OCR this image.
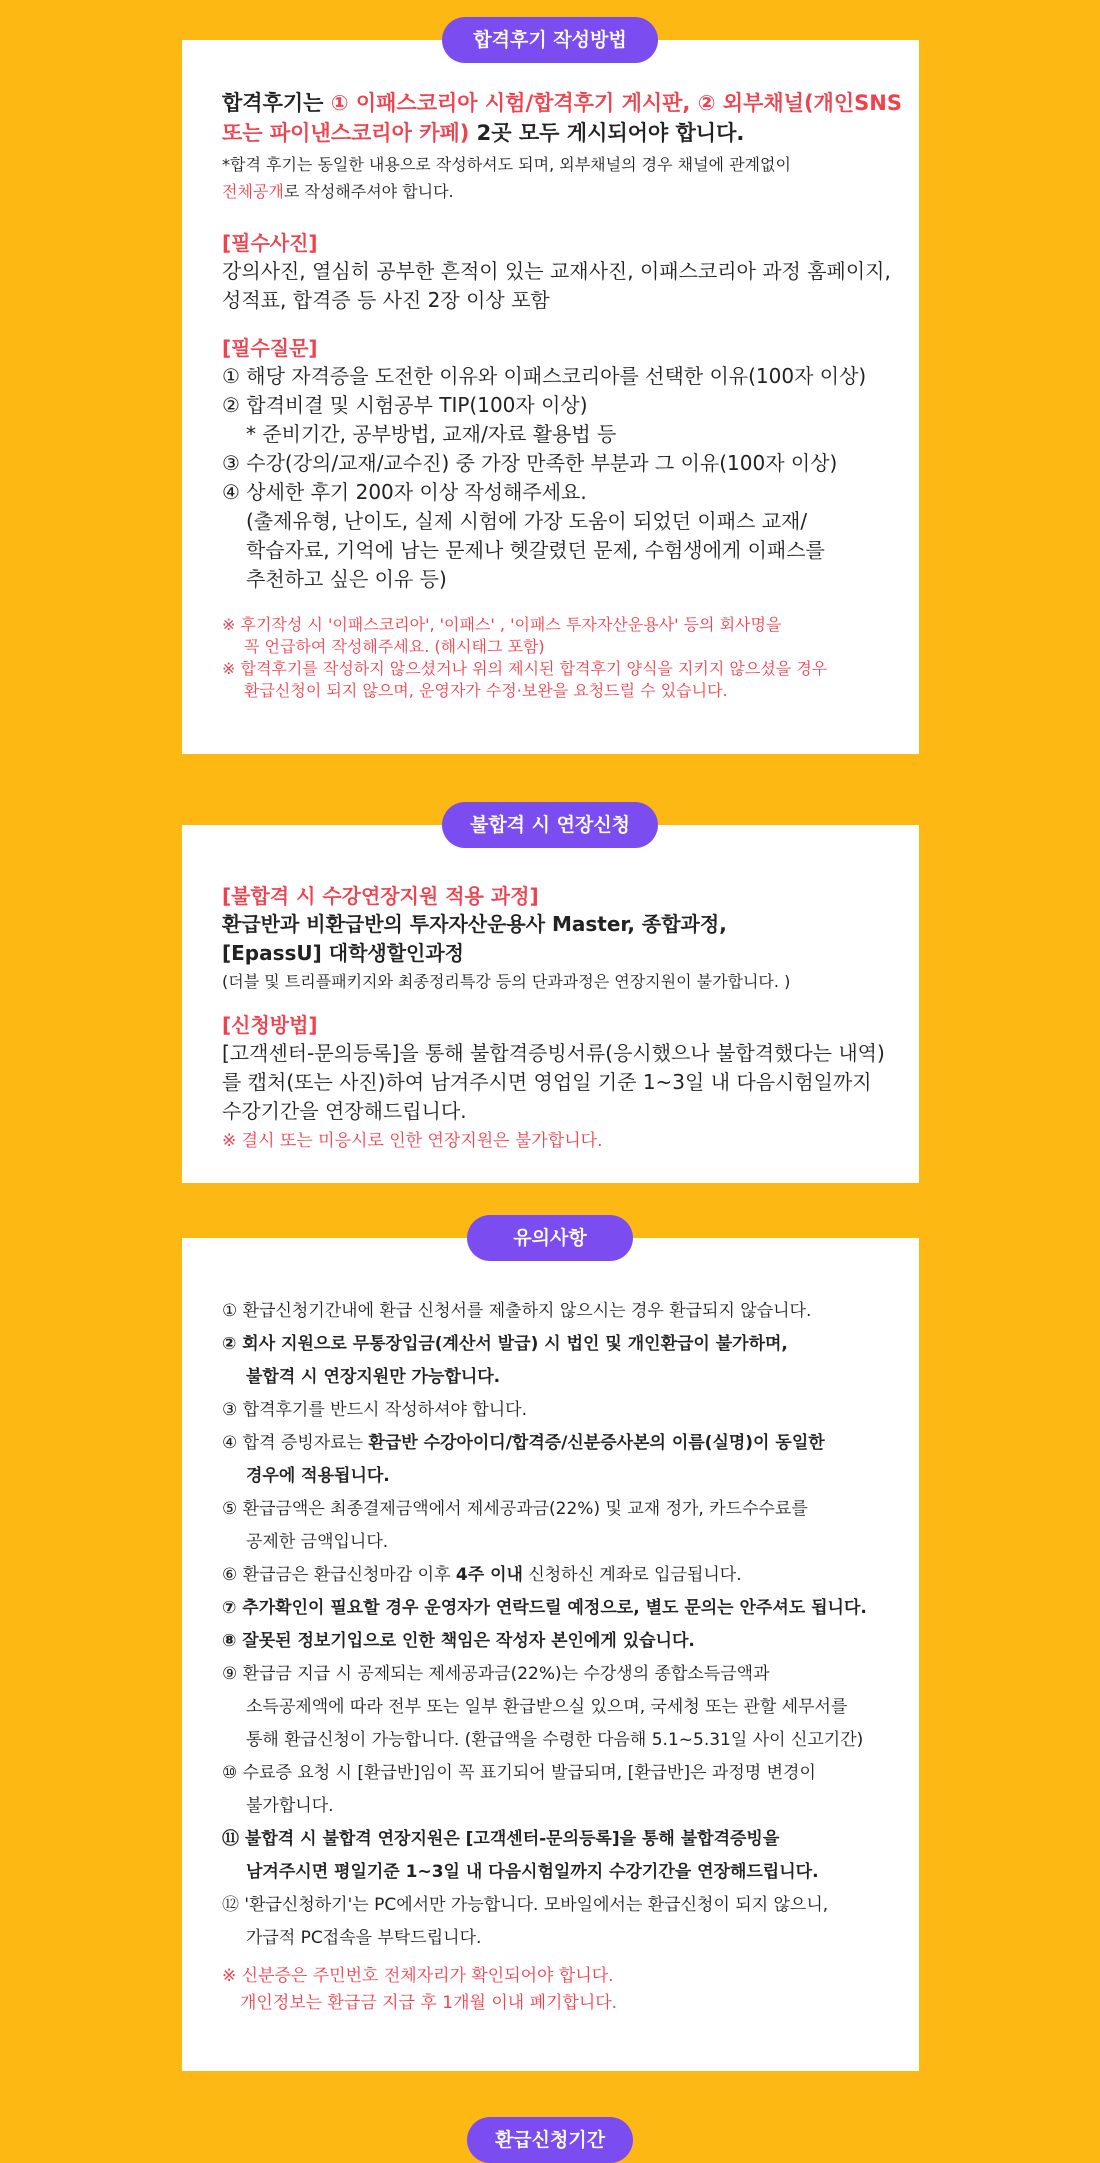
합격후기 작성방법

합격후기는 ① 이패스코리아 시험/합격후기 게시판, ② 외부채널(개인SNS

또는 파이낸스코리아 카페) 2곳 모두 게시되어야 합니다.

*합격 후기는 동일한 내용으로 작성하셔도 되며, 외부채널의 경우 채널에 관계없이

전체공개로 작성해주셔야 합니다.

[필수사진]

강의사진, 열심히 공부한 흔적이 있는 교재사진, 이패스코리아 과정 홈페이지,

성적표, 합격증 등 사진 2장 이상 포함

[필수질문]

① 해당 자격증을 도전한 이유와 이패스코리아를 선택한 이유(100자 이상)

② 합격비결 및 시험공부 TIP(100자 이상)

* 준비기간, 공부방법, 교재/자료 활용법 등

③ 수강(강의/교재/교수진) 중 가장 만족한 부분과 그 이유(100자 이상)

④ 상세한 후기 200자 이상 작성해주세요.

(출제유형, 난이도, 실제 시험에 가장 도움이 되었던 이패스 교재/

학습자료, 기억에 남는 문제나 헷갈렸던 문제, 수험생에게 이패스를

추천하고 싶은 이유 등)

※ 후기작성 시 '이패스코리아', '이패스' , '이패스 투자자산운용사' 등의 회사명을

꼭 언급하여 작성해주세요. (해시태그 포함)

※ 합격후기를 작성하지 않으셨거나 위의 제시된 합격후기 양식을 지키지 않으셨을 경우

환급신청이 되지 않으며, 운영자가 수정·보완을 요청드릴 수 있습니다.

불합격 시 연장신청

[불합격 시 수강연장지원 적용 과정]

환급반과 비환급반의 투자자산운용사 Master, 종합과정,

[EpassU] 대학생할인과정

(더블 및 트리플패키지와 최종정리특강 등의 단과과정은 연장지원이 불가합니다. )

[신청방법]

[고객센터-문의등록]을 통해 불합격증빙서류(응시했으나 불합격했다는 내역)

를 캡처(또는 사진)하여 남겨주시면 영업일 기준 1~3일 내 다음시험일까지

수강기간을 연장해드립니다.

※ 결시 또는 미응시로 인한 연장지원은 불가합니다.

유의사항

① 환급신청기간내에 환급 신청서를 제출하지 않으시는 경우 환급되지 않습니다.

② 회사 지원으로 무통장입금(계산서 발급) 시 법인 및 개인환급이 불가하며,

불합격 시 연장지원만 가능합니다.

③ 합격후기를 반드시 작성하셔야 합니다.

④ 합격 증빙자료는 환급반 수강아이디/합격증/신분증사본의 이름(실명)이 동일한

경우에 적용됩니다.

⑤ 환급금액은 최종결제금액에서 제세공과금(22%) 및 교재 정가, 카드수수료를

공제한 금액입니다.

⑥ 환급금은 환급신청마감 이후 4주 이내 신청하신 계좌로 입금됩니다.

⑦ 추가확인이 필요할 경우 운영자가 연락드릴 예정으로, 별도 문의는 안주셔도 됩니다.

⑧ 잘못된 정보기입으로 인한 책임은 작성자 본인에게 있습니다.

⑨ 환급금 지급 시 공제되는 제세공과금(22%)는 수강생의 종합소득금액과

소득공제액에 따라 전부 또는 일부 환급받으실 있으며, 국세청 또는 관할 세무서를

통해 환급신청이 가능합니다. (환급액을 수령한 다음해 5.1~5.31일 사이 신고기간)

⑩ 수료증 요청 시 [환급반]임이 꼭 표기되어 발급되며, [환급반]은 과정명 변경이

불가합니다.

⑪ 불합격 시 불합격 연장지원은 [고객센터-문의등록]을 통해 불합격증빙을

남겨주시면 평일기준 1~3일 내 다음시험일까지 수강기간을 연장해드립니다.

⑫ '환급신청하기'는 PC에서만 가능합니다. 모바일에서는 환급신청이 되지 않으니,

가급적 PC접속을 부탁드립니다.

※ 신분증은 주민번호 전체자리가 확인되어야 합니다.

개인정보는 환급금 지급 후 1개월 이내 폐기합니다.

환급신청기간
